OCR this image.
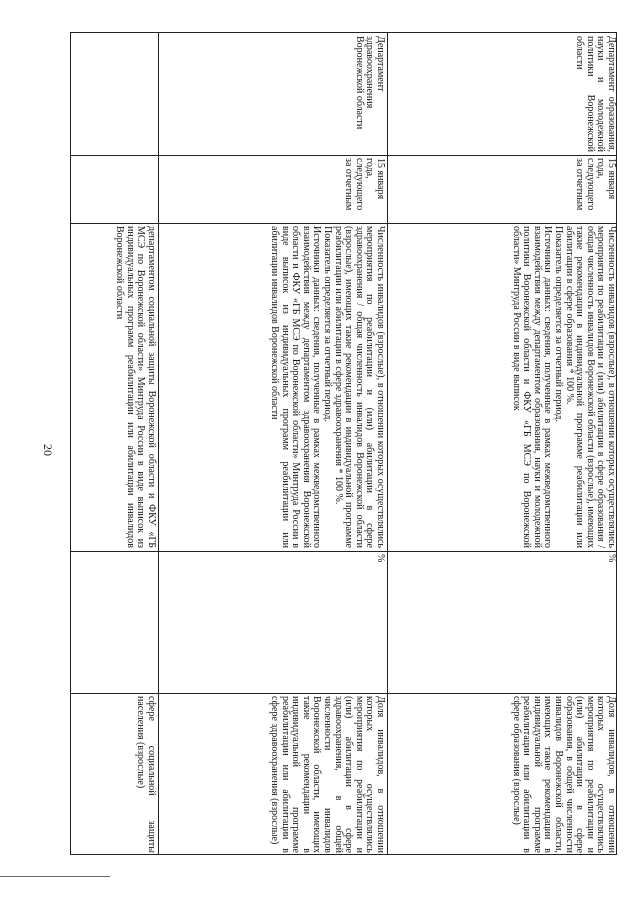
20
сфере социальной защиты населения (взрослые)
департаментом социальной защиты Воронежской области и ФКУ «ГБ МСЭ по Воронежской области» Минтруда России в виде выписок из индивидуальных программ реабилитации или абилитации инвалидов Воронежской области
Доля инвалидов, в отношении которых осуществлялись мероприятия по реабилитации и (или) абилитации в сфере здравоохранения, в общей численности инвалидов Воронежской области, имеющих такие рекомендации в индивидуальной программе реабилитации или абилитации в сфере здравоохранения (взрослые)
%
Численность инвалидов (взрослые), в отношении которых осуществлялись мероприятия по реабилитации и (или) абилитации в сфере здравоохранения / общая численность инвалидов Воронежской области (взрослые), имеющих такие рекомендации в индивидуальной программе реабилитации или абилитации в сфере здравоохранения * 100 %.
Показатель определяется за отчетный период.
Источники данных: сведения, полученные в рамках межведомственного взаимодействия между департаментом здравоохранения Воронежской области и ФКУ «ГБ МСЭ по Воронежской области» Минтруда России в виде выписок из индивидуальных программ реабилитации или абилитации инвалидов Воронежской области
15 января года, следующего за отчетным
Департамент здравоохранения Воронежской области
Доля инвалидов, в отношении которых осуществлялись мероприятия по реабилитации и (или) абилитации в сфере образования, в общей численности инвалидов Воронежской области, имеющих такие рекомендации в индивидуальной программе реабилитации или абилитации в сфере образования (взрослые)
%
Численность инвалидов (взрослые), в отношении которых осуществлялись мероприятия по реабилитации и (или) абилитации в сфере образования / общая численность инвалидов Воронежской области (взрослые), имеющих такие рекомендации в индивидуальной программе реабилитации или абилитации в сфере образования * 100 %.
Показатель определяется за отчетный период.
Источники данных: сведения, полученные в рамках межведомственного взаимодействия между департаментом образования, науки и молодежной политики Воронежской области и ФКУ «ГБ МСЭ по Воронежской области» Минтруда России в виде выписок
15 января года, следующего за отчетным
Департамент образования, науки и молодежной политики Воронежской области
